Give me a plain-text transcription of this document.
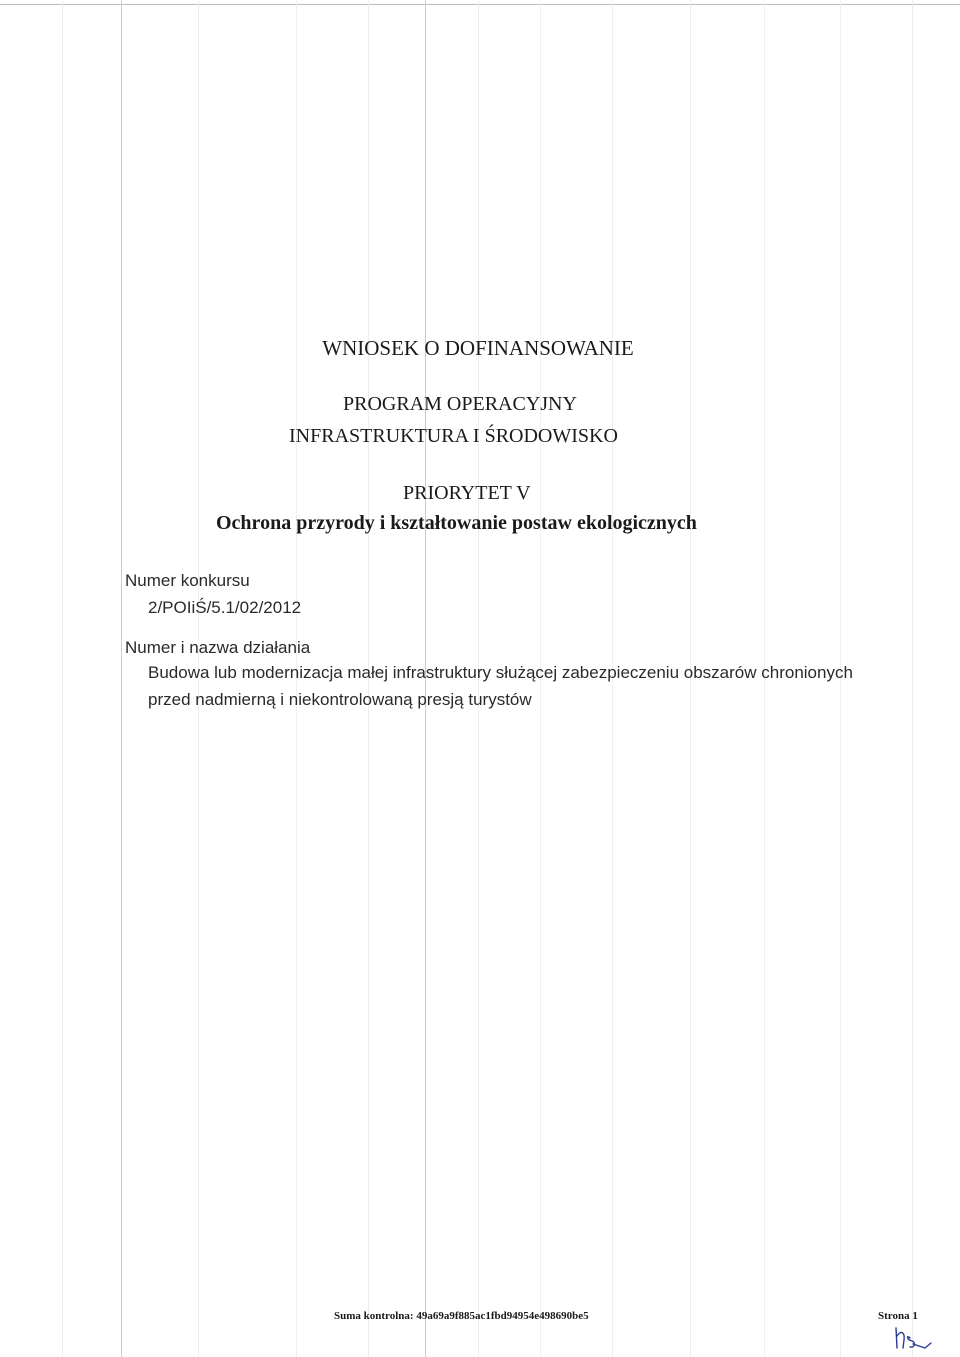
WNIOSEK O DOFINANSOWANIE
PROGRAM OPERACYJNY
INFRASTRUKTURA I ŚRODOWISKO
PRIORYTET V
Ochrona przyrody i kształtowanie postaw ekologicznych
Numer konkursu
2/POIiŚ/5.1/02/2012
Numer i nazwa działania
Budowa lub modernizacja małej infrastruktury służącej zabezpieczeniu obszarów chronionych
przed nadmierną i niekontrolowaną presją turystów
Suma kontrolna: 49a69a9f885ac1fbd94954e498690be5	Strona 1
